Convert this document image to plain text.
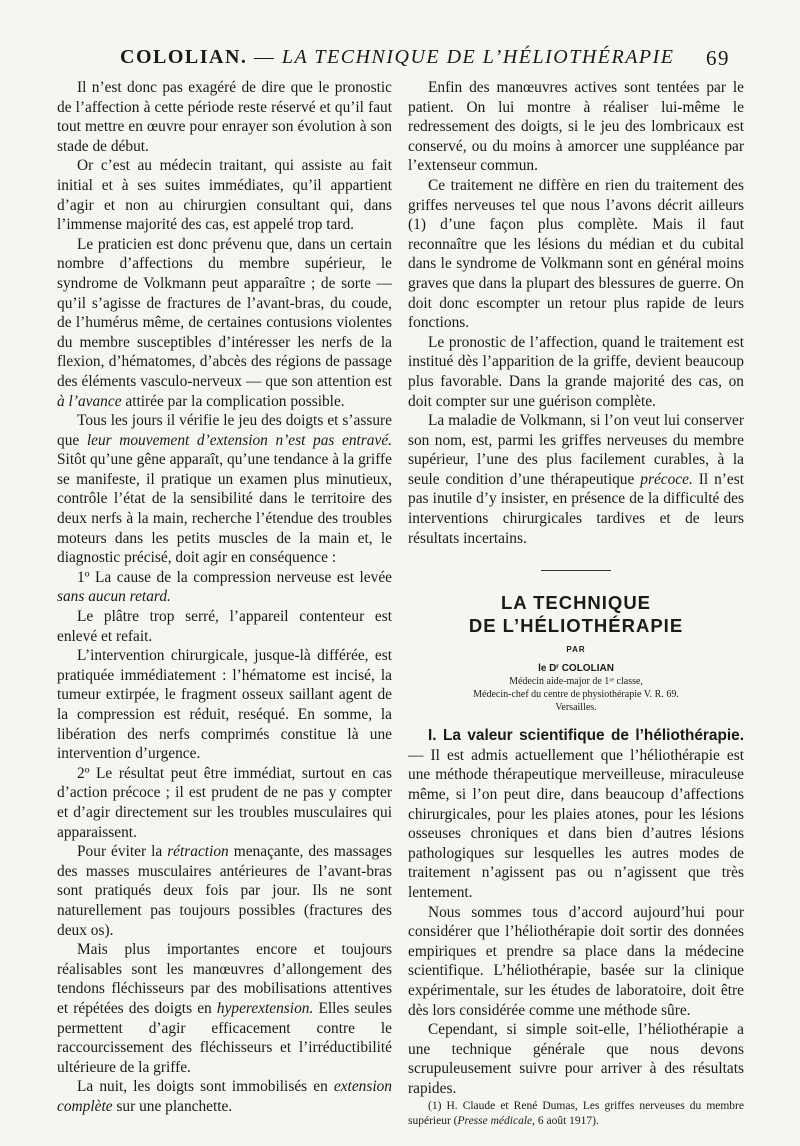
COLOLIAN. — LA TECHNIQUE DE L’HÉLIOTHÉRAPIE 69

Il n’est donc pas exagéré de dire que le pronostic de l’affection à cette période reste réservé et qu’il faut tout mettre en œuvre pour enrayer son évolution à son stade de début.

Or c’est au médecin traitant, qui assiste au fait initial et à ses suites immédiates, qu’il appartient d’agir et non au chirurgien consultant qui, dans l’immense majorité des cas, est appelé trop tard.

Le praticien est donc prévenu que, dans un certain nombre d’affections du membre supérieur, le syndrome de Volkmann peut apparaître ; de sorte — qu’il s’agisse de fractures de l’avant-bras, du coude, de l’humérus même, de certaines contusions violentes du membre susceptibles d’intéresser les nerfs de la flexion, d’hématomes, d’abcès des régions de passage des éléments vasculo-nerveux — que son attention est à l’avance attirée par la complication possible.

Tous les jours il vérifie le jeu des doigts et s’assure que leur mouvement d’extension n’est pas entravé. Sitôt qu’une gêne apparaît, qu’une tendance à la griffe se manifeste, il pratique un examen plus minutieux, contrôle l’état de la sensibilité dans le territoire des deux nerfs à la main, recherche l’étendue des troubles moteurs dans les petits muscles de la main et, le diagnostic précisé, doit agir en conséquence :

1º La cause de la compression nerveuse est levée sans aucun retard.

Le plâtre trop serré, l’appareil contenteur est enlevé et refait.

L’intervention chirurgicale, jusque-là différée, est pratiquée immédiatement : l’hématome est incisé, la tumeur extirpée, le fragment osseux saillant agent de la compression est réduit, reséqué. En somme, la libération des nerfs comprimés constitue là une intervention d’urgence.

2º Le résultat peut être immédiat, surtout en cas d’action précoce ; il est prudent de ne pas y compter et d’agir directement sur les troubles musculaires qui apparaissent.

Pour éviter la rétraction menaçante, des massages des masses musculaires antérieures de l’avant-bras sont pratiqués deux fois par jour. Ils ne sont naturellement pas toujours possibles (fractures des deux os).

Mais plus importantes encore et toujours réalisables sont les manœuvres d’allongement des tendons fléchisseurs par des mobilisations attentives et répétées des doigts en hyperextension. Elles seules permettent d’agir efficacement contre le raccourcissement des fléchisseurs et l’irréductibilité ultérieure de la griffe.

La nuit, les doigts sont immobilisés en extension complète sur une planchette.

Enfin des manœuvres actives sont tentées par le patient. On lui montre à réaliser lui-même le redressement des doigts, si le jeu des lombricaux est conservé, ou du moins à amorcer une suppléance par l’extenseur commun.

Ce traitement ne diffère en rien du traitement des griffes nerveuses tel que nous l’avons décrit ailleurs (1) d’une façon plus complète. Mais il faut reconnaître que les lésions du médian et du cubital dans le syndrome de Volkmann sont en général moins graves que dans la plupart des blessures de guerre. On doit donc escompter un retour plus rapide de leurs fonctions.

Le pronostic de l’affection, quand le traitement est institué dès l’apparition de la griffe, devient beaucoup plus favorable. Dans la grande majorité des cas, on doit compter sur une guérison complète.

La maladie de Volkmann, si l’on veut lui conserver son nom, est, parmi les griffes nerveuses du membre supérieur, l’une des plus facilement curables, à la seule condition d’une thérapeutique précoce. Il n’est pas inutile d’y insister, en présence de la difficulté des interventions chirurgicales tardives et de leurs résultats incertains.

LA TECHNIQUE
DE L’HÉLIOTHÉRAPIE
PAR
le Dʳ COLOLIAN
Médecin aide-major de 1ʳᵉ classe,
Médecin-chef du centre de physiothérapie V. R. 69.
Versailles.

I. La valeur scientifique de l’héliothérapie. — Il est admis actuellement que l’héliothérapie est une méthode thérapeutique merveilleuse, miraculeuse même, si l’on peut dire, dans beaucoup d’affections chirurgicales, pour les plaies atones, pour les lésions osseuses chroniques et dans bien d’autres lésions pathologiques sur lesquelles les autres modes de traitement n’agissent pas ou n’agissent que très lentement.

Nous sommes tous d’accord aujourd’hui pour considérer que l’héliothérapie doit sortir des données empiriques et prendre sa place dans la médecine scientifique. L’héliothérapie, basée sur la clinique expérimentale, sur les études de laboratoire, doit être dès lors considérée comme une méthode sûre.

Cependant, si simple soit-elle, l’héliothérapie a une technique générale que nous devons scrupuleusement suivre pour arriver à des résultats rapides.

(1) H. Claude et René Dumas, Les griffes nerveuses du membre supérieur (Presse médicale, 6 août 1917).
